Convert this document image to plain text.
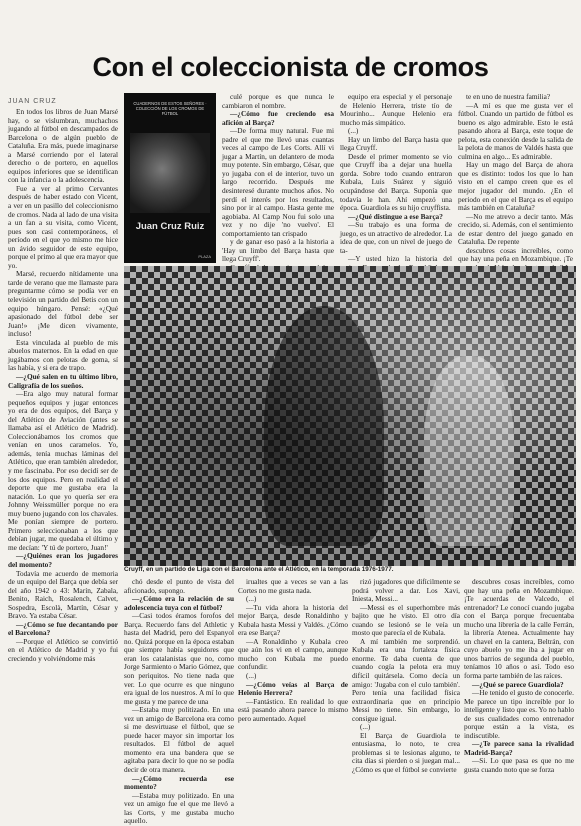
Con el coleccionista de cromos
JUAN CRUZ

En todos los libros de Juan Marsé hay, o se vislumbran, muchachos jugando al fútbol en descampados de Barcelona o de algún pueblo de Cataluña. Era más, puede imaginarse a Marsé corriendo por el lateral derecho o de portero, en aquellos equipos inferiores que se identifican con la infancia o la adolescencia.

Fue a ver al primo Cervantes después de haber estado con Vicent, a ver en un pasillo del coleccionismo de cromos. Nada al lado de una visita a un fan a su visita, como Vicent, pues son casi contemporáneos, el período en el que yo mismo me hice un ávido seguidor de este equipo, porque el primo al que era mayor que yo.

Marsé, recuerdo nítidamente una tarde de verano que me llamaste para preguntarme cómo se podía ver en televisión un partido del Betis con un equipo húngaro. Pensé: «¿Qué apasionado del fútbol debe ser Juan!» ¡Me dicen vivamente, incluso!

Esta vinculada al pueblo de mis abuelos maternos. En la edad en que jugábamos con pelotas de goma, sí las había, y si era de trapo.

—¿Qué salen en tu último libro, Caligrafía de los sueños.

—Era algo muy natural formar pequeños equipos y jugar entonces yo era de dos equipos, del Barça y del Atlético de Aviación (antes se llamaba así el Atlético de Madrid). Coleccionábamos los cromos que venían en unos caramelos. Yo, además, tenía muchas láminas del Atlético, que eran también alrededor, y me fascinaba. Por eso decidí ser de los dos equipos. Pero en realidad el deporte que me gustaba era la natación. Lo que yo quería ser era Johnny Weissmüller porque no era muy bueno jugando con los chavales. Me ponían siempre de portero. Primero seleccionaban a los que debían jugar, me quedaba el último y me decían: 'Y tú de portero, Juan!'

—¿Quiénes eran los jugadores del momento?

Todavía me acuerdo de memoria de un equipo del Barça que debía ser del año 1942 o 43: Marín, Zabala, Benito, Raich, Rosalench, Calvet, Sospedra, Escolà, Martín, César y Bravo. Ya estaba César.

—¿Cómo se fue decantando por el Barcelona?

—Porque el Atlético se convirtió en el Atlético de Madrid y yo fui creciendo y volviéndome más

CUADERNOS DE ESTOS SEÑORES · COLECCIÓN DE LOS CROMOS DE FÚTBOL
Juan Cruz Ruiz
PLAZA

culé porque es que nunca le cambiaron el nombre.

—¿Cómo fue creciendo esa afición al Barça?

—De forma muy natural. Fue mi padre el que me llevó unas cuantas veces al campo de Les Corts. Allí vi jugar a Martín, un delantero de moda muy potente. Sin embargo, César, que yo jugaba con el de interior, tuvo un largo recorrido. Después me desinteresé durante muchos años. No perdí el interés por los resultados, sino por ir al campo. Hasta gente me agobiaba. Al Camp Nou fui solo una vez y no dije 'no vuelvo'. El comportamiento tan crispado

y de ganar eso pasó a la historia a 'Hay un limbo del Barça hasta que llega Cruyff'.

equipo era especial y el personaje de Helenio Herrera, triste tío de Mourinho... Aunque Helenio era mucho más simpático.

(...)

Hay un limbo del Barça hasta que llega Cruyff.

Desde el primer momento se vio que Cruyff iba a dejar una huella gorda. Sobre todo cuando entraron Kubala, Luis Suárez y siguió ocupándose del Barça. Suponía que todavía le han. Ahí empezó una época. Guardiola es su hijo cruyffista.

—¿Qué distingue a ese Barça?

—Su trabajo es una forma de juego, es un atractivo de alrededor. La idea de que, con un nivel de juego de ta-

—Y usted hizo la historia del

te en uno de nuestra familia?

—A mí es que me gusta ver el fútbol. Cuando un partido de fútbol es bueno es algo admirable. Esto le está pasando ahora al Barça, este toque de pelota, esta conexión desde la salida de la pelota de manos de Valdés hasta que culmina en algo... Es admirable.

Hay un mago del Barça de ahora que es distinto: todos los que lo han visto en el campo creen que es el mejor jugador del mundo. ¿En el periodo en el que el Barça es el equipo más también en Cataluña?

—No me atrevo a decir tanto. Más crecido, si. Además, con el sentimiento de estar dentro del juego ganado en Cataluña. De repente

descubres cosas increíbles, como que hay una peña en Mozambique. ¡Te

Cruyff, en un partido de Liga con el Barcelona ante el Atlético, en la temporada 1976-1977.

chó desde el punto de vista del aficionado, supongo.

—¿Cómo era la relación de su adolescencia tuya con el fútbol?

—Casi todos éramos forofos del Barça. Recuerdo fans del Athletic y hasta del Madrid, pero del Espanyol no. Quizá porque en la época estaban que siempre había seguidores que eran los catalanistas que no, como Jorge Sarmiento o Mario Gómez, que son periquitos. No tiene nada que ver. Lo que ocurre es que ninguno era igual de los nuestros. A mí lo que me gusta y me parece de una

—Estaba muy politizado. En una vez un amigo de Barcelona era como si me desvirtuase el fútbol, que se puede hacer mayor sin importar los resultados. El fútbol de aquel momento era una bandera que se agitaba para decir lo que no se podía decir de otra manera.

—¿Cómo recuerda ese momento?

—Estaba muy politizado. En una vez un amigo fue el que me llevó a las Corts, y me gustaba mucho aquello.

irualtes que a veces se van a las Cortes no me gusta nada.

(...)

—Tu vida ahora la historia del mejor Barça, desde Ronaldinho y Kubala hasta Messi y Valdés. ¿Cómo era ese Barça?

—A Ronaldinho y Kubala creo que aún los vi en el campo, aunque mucho con Kubala me puedo confundir.

(...)

—¿Cómo veías al Barça de Helenio Herrera?

—Fantástico. En realidad lo que está pasando ahora parece lo mismo pero aumentado. Aquel

rizó jugadores que difícilmente se podrá volver a dar. Los Xavi, Iniesta, Messi...

—Messi es el superhombre más bajito que he visto. El otro día cuando se lesionó se le veía un mosto que parecía el de Kubala.

A mí también me sorprendió. Kubala era una fortaleza física enorme. Te daba cuenta de que cuando cogía la pelota era muy difícil quitársela. Como decía un amigo: 'Jugaba con el culo también'. Pero tenía una facilidad física extraordinaria que en principio Messi no tiene. Sin embargo, lo consigue igual.

(...)

El Barça de Guardiola te entusiasma, lo noto, te crea problemas si te lesionas alguno, te cita días si pierden o si juegan mal... ¿Cómo es que el fútbol se convierte

descubres cosas increíbles, como que hay una peña en Mozambique. ¡Te acuerdas de Valcedo, el entrenador? Le conocí cuando jugaba con el Barça porque frecuentaba mucho una librería de la calle Ferrán, la librería Atenea. Actualmente hay un chavel en la cantera, Beltrán, con cuyo abuelo yo me iba a jugar en unos barrios de segunda del pueblo, teníamos 10 años o así. Todo eso forma parte también de las raíces.

—¿Qué se parece Guardiola?

—He tenido el gusto de conocerle. Me parece un tipo increíble por lo inteligente y listo que es. Yo no hablo de sus cualidades como entrenador porque están a la vista, es indiscutible.

—¿Te parece sana la rivalidad Madrid-Barça?

—Si. Lo que pasa es que no me gusta cuando noto que se forza
